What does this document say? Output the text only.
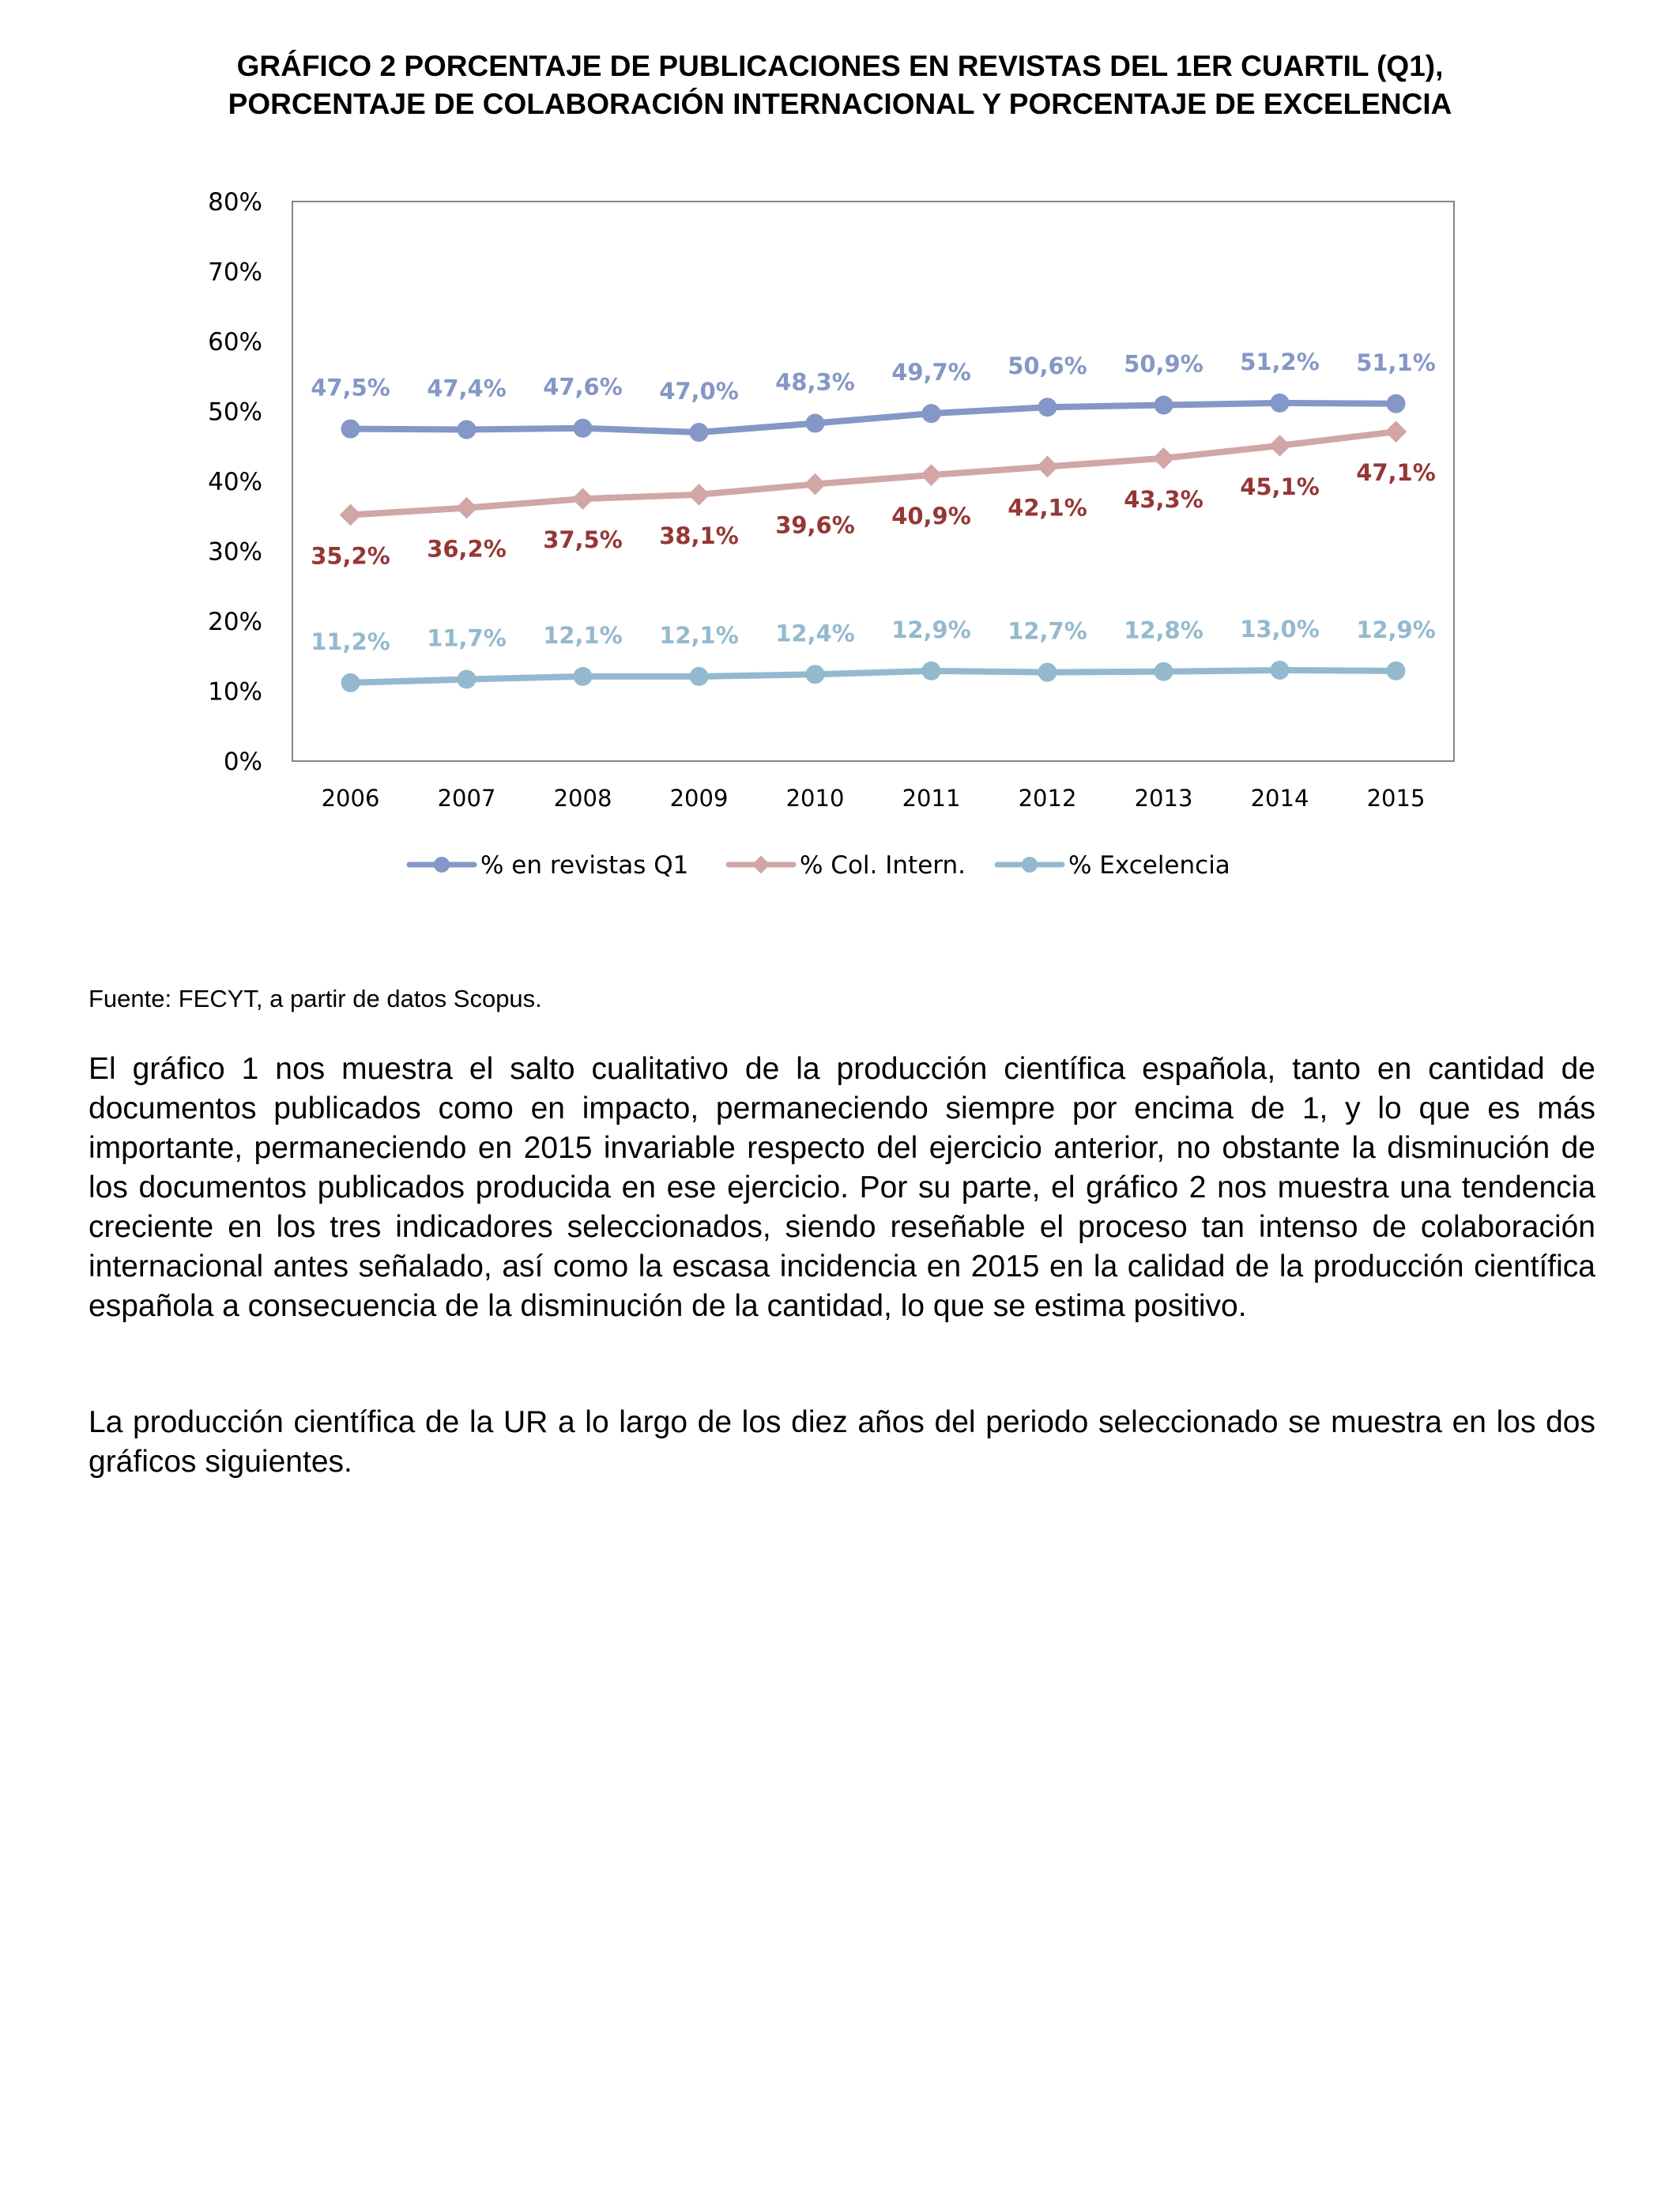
GRÁFICO 2 PORCENTAJE DE PUBLICACIONES EN REVISTAS DEL 1ER CUARTIL (Q1),
PORCENTAJE DE COLABORACIÓN INTERNACIONAL Y PORCENTAJE DE EXCELENCIA
0%
10%
20%
30%
40%
50%
60%
70%
80%
2006	2007	2008	2009	2010	2011	2012	2013	2014	2015
47,5% 47,4% 47,6% 47,0% 48,3% 49,7% 50,6% 50,9% 51,2% 51,1%
35,2% 36,2% 37,5% 38,1% 39,6% 40,9% 42,1% 43,3% 45,1%
47,1%
11,2% 11,7% 12,1% 12,1% 12,4% 12,9% 12,7% 12,8% 13,0% 12,9%
% en revistas Q1	% Col. Intern.	% Excelencia
Fuente: FECYT, a partir de datos Scopus.
El gráfico 1 nos muestra el salto cualitativo de la producción científica española, tanto en cantidad de documentos publicados como en impacto, permaneciendo siempre por encima de 1, y lo que es más importante, permaneciendo en 2015 invariable respecto del ejercicio anterior, no obstante la disminución de los documentos publicados producida en ese ejercicio. Por su parte, el gráfico 2 nos muestra una tendencia creciente en los tres indicadores seleccionados, siendo reseñable el proceso tan intenso de colaboración internacional antes señalado, así como la escasa incidencia en 2015 en la calidad de la producción científica española a consecuencia de la disminución de la cantidad, lo que se estima positivo.
La producción científica de la UR a lo largo de los diez años del periodo seleccionado se muestra en los dos gráficos siguientes.
